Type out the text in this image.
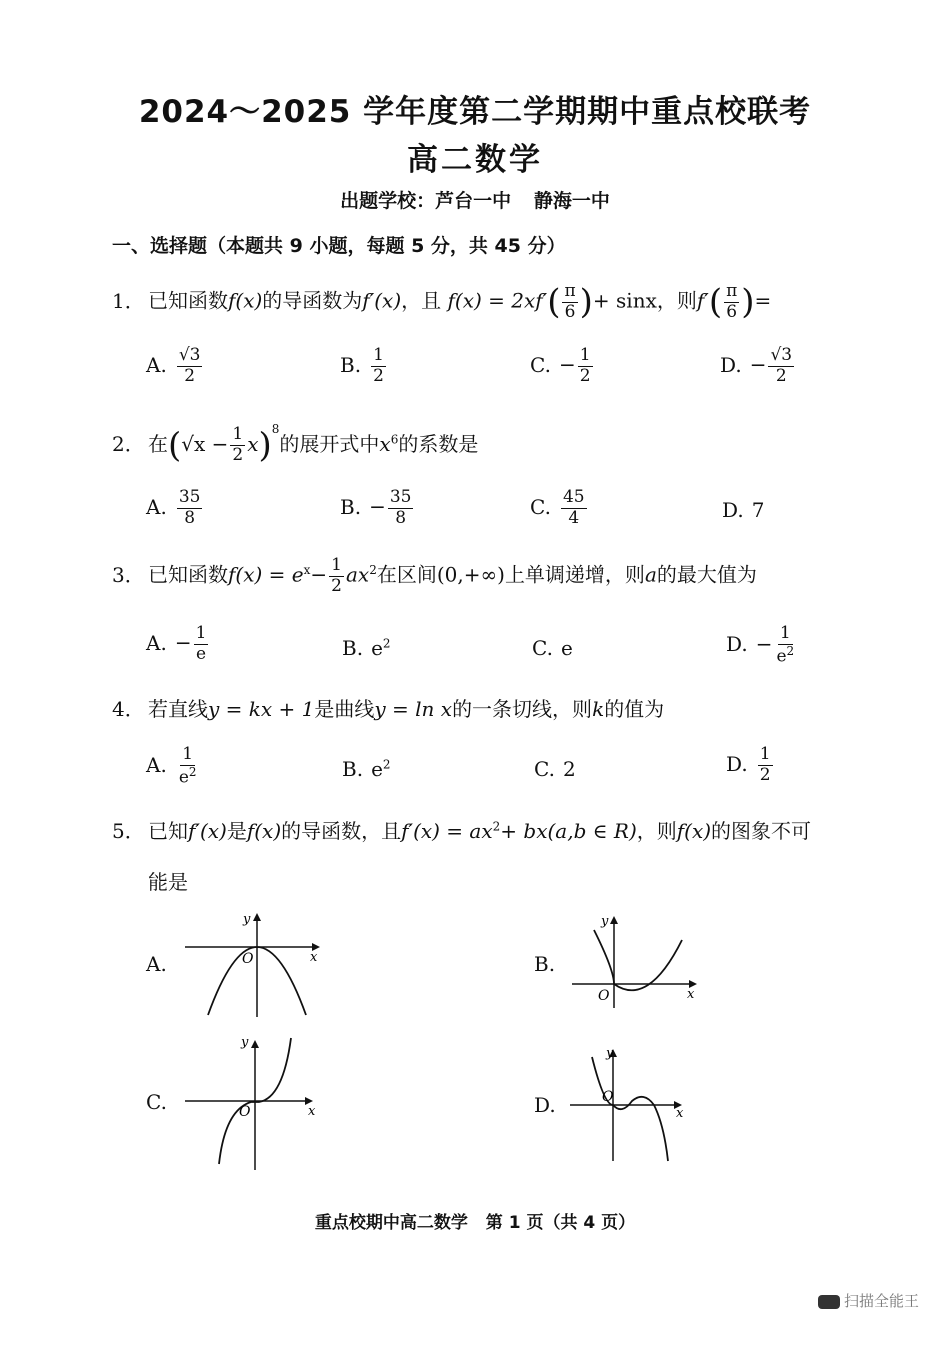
2024～2025 学年度第二学期期中重点校联考
高二数学
出题学校：芦台一中 静海一中
一、选择题（本题共 9 小题，每题 5 分，共 45 分）
1． 已知函数f(x)的导函数为f′(x)，且 $f(x) = 2xf'( \frac{\pi}{6}$ )+ sinx，则$f'( \frac{\pi}{6}$ )=
A. $\frac{√3}{2}$	B. $\frac{1}{2}$	C. − $\frac{1}{2}$	D. − $\frac{√3}{2}$
2． 在$(√x - \frac{1}{2} x)^8$的展开式中$x^6$的系数是
A. $\frac{35}{8}$	B. − $\frac{35}{8}$	C. $\frac{45}{4}$	D. 7
3． 已知函数$f(x) = e^x- \frac{1}{2} ax^2$在区间(0,+∞)上单调递增，则a的最大值为
A. − $\frac{1}{e}$	B. $e^2$	C. e	D. − $\frac{1}{e^2}$
4． 若直线y = kx + 1是曲线y = ln x的一条切线，则k的值为
A. $\frac{1}{e^2}$	B. $e^2$	C. 2	D. $\frac{1}{2}$
5． 已知f′(x)是f(x)的导函数，且$f'(x) = ax^2+ bx(a,b$ ∈ R)，则f(x)的图象不可
能是
A.	B.
C.	D.
O	x
y
O	x
y
O	x
y
O
x
y
重点校期中高二数学 第 1 页（共 4 页）
扫描全能王
